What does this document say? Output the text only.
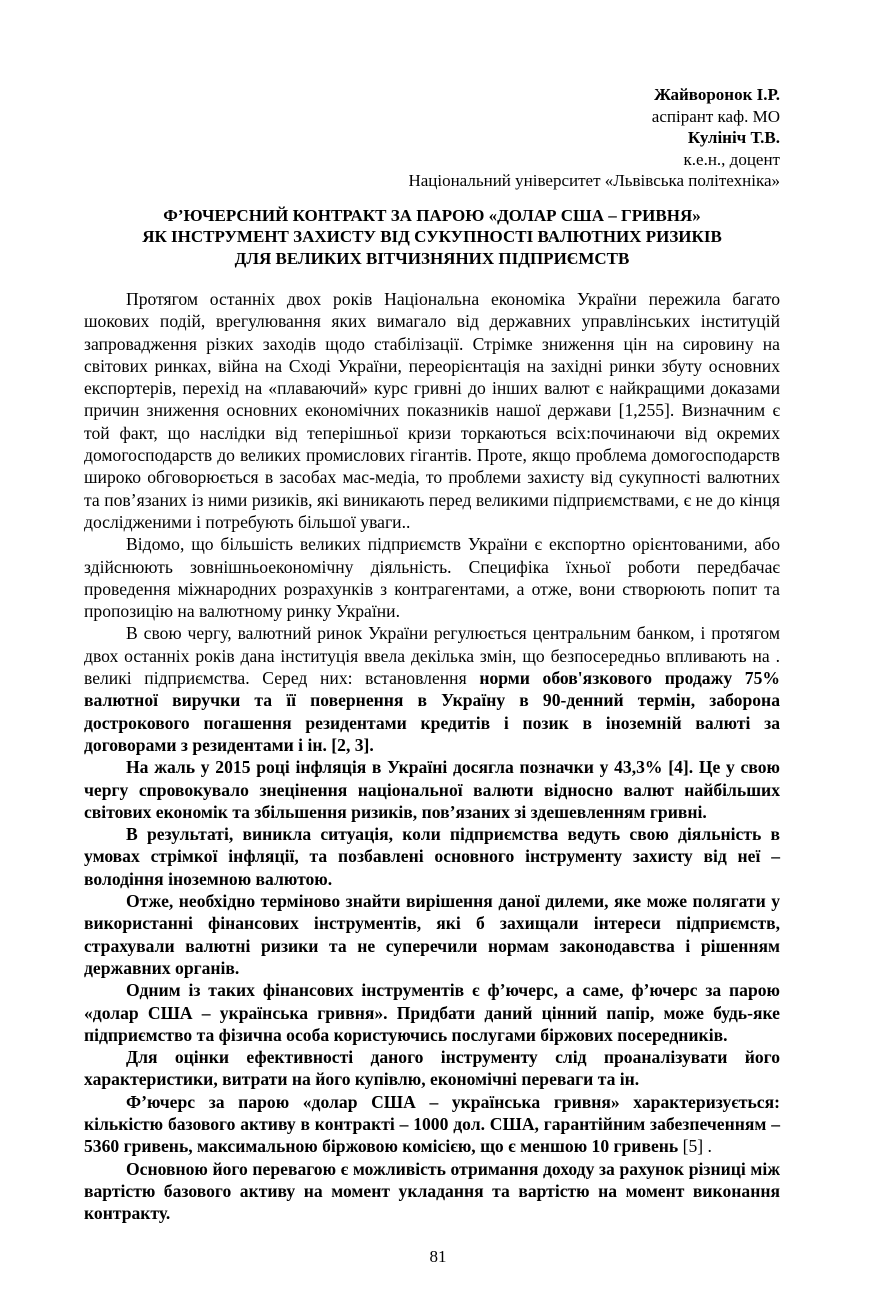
Жайворонок І.Р.
аспірант каф. МО
Кулініч Т.В.
к.е.н., доцент
Національний університет «Львівська політехніка»
Ф’ЮЧЕРСНИЙ КОНТРАКТ ЗА ПАРОЮ «ДОЛАР США – ГРИВНЯ»
ЯК ІНСТРУМЕНТ ЗАХИСТУ ВІД СУКУПНОСТІ ВАЛЮТНИХ РИЗИКІВ
ДЛЯ ВЕЛИКИХ ВІТЧИЗНЯНИХ ПІДПРИЄМСТВ

Протягом останніх двох років Національна економіка України пережила багато шокових подій, врегулювання яких вимагало від державних управлінських інституцій запровадження різких заходів щодо стабілізації. Стрімке зниження цін на сировину на світових ринках, війна на Сході України, переорієнтація на західні ринки збуту основних експортерів, перехід на «плаваючий» курс гривні до інших валют є найкращими доказами причин зниження основних економічних показників нашої держави [1,255]. Визначним є той факт, що наслідки від теперішньої кризи торкаються всіх:починаючи від окремих домогосподарств до великих промислових гігантів. Проте, якщо проблема домогосподарств широко обговорюється в засобах мас-медіа, то проблеми захисту від сукупності валютних та пов’язаних із ними ризиків, які виникають перед великими підприємствами, є не до кінця дослідженими і потребують більшої уваги..

Відомо, що більшість великих підприємств України є експортно орієнтованими, або здійснюють зовнішньоекономічну діяльність. Специфіка їхньої роботи передбачає проведення міжнародних розрахунків з контрагентами, а отже, вони створюють попит та пропозицію на валютному ринку України.

В свою чергу, валютний ринок України регулюється центральним банком, і протягом двох останніх років дана інституція ввела декілька змін, що безпосередньо впливають на . великі підприємства. Серед них: встановлення норми обов'язкового продажу 75% валютної виручки та її повернення в Україну в 90-денний термін, заборона дострокового погашення резидентами кредитів і позик в іноземній валюті за договорами з резидентами і ін. [2, 3].

На жаль у 2015 році інфляція в Україні досягла позначки у 43,3% [4]. Це у свою чергу спровокувало знецінення національної валюти відносно валют найбільших світових економік та збільшення ризиків, пов’язаних зі здешевленням гривні.

В результаті, виникла ситуація, коли підприємства ведуть свою діяльність в умовах стрімкої інфляції, та позбавлені основного інструменту захисту від неї – володіння іноземною валютою.

Отже, необхідно терміново знайти вирішення даної дилеми, яке може полягати у використанні фінансових інструментів, які б захищали інтереси підприємств, страхували валютні ризики та не суперечили нормам законодавства і рішенням державних органів.

Одним із таких фінансових інструментів є ф’ючерс, а саме, ф’ючерс за парою «долар США – українська гривня». Придбати даний цінний папір, може будь-яке підприємство та фізична особа користуючись послугами біржових посередників.

Для оцінки ефективності даного інструменту слід проаналізувати його характеристики, витрати на його купівлю, економічні переваги та ін.

Ф’ючерс за парою «долар США – українська гривня» характеризується: кількістю базового активу в контракті – 1000 дол. США, гарантійним забезпеченням – 5360 гривень, максимальною біржовою комісією, що є меншою 10 гривень [5] .

Основною його перевагою є можливість отримання доходу за рахунок різниці між вартістю базового активу на момент укладання та вартістю на момент виконання контракту.

81
